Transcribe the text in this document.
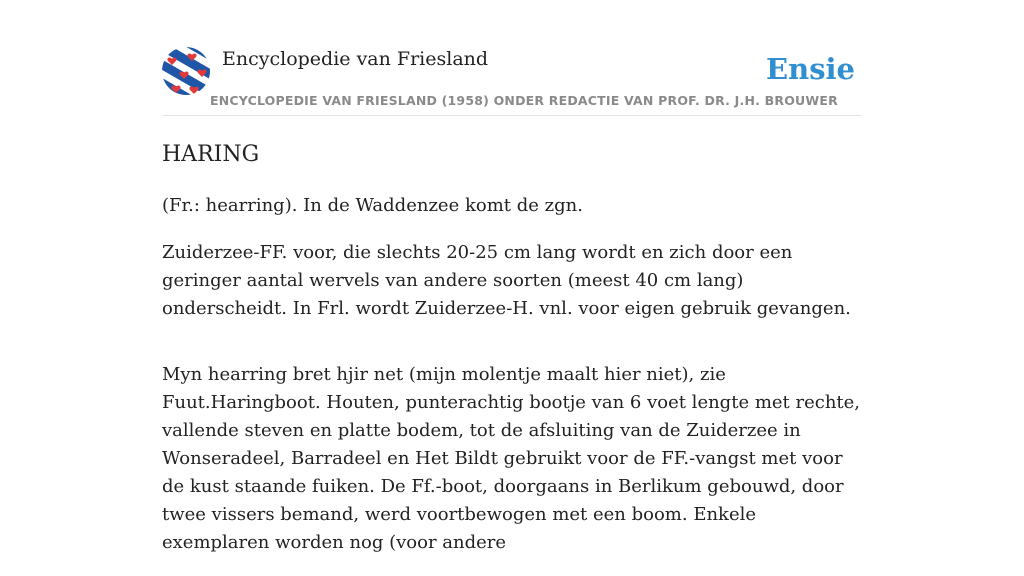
Encyclopedie van Friesland	Ensie
ENCYCLOPEDIE VAN FRIESLAND (1958) ONDER REDACTIE VAN PROF. DR. J.H. BROUWER
HARING

(Fr.: hearring). In de Waddenzee komt de zgn.

Zuiderzee-FF. voor, die slechts 20-25 cm lang wordt en zich door een geringer aantal wervels van andere soorten (meest 40 cm lang) onderscheidt. In Frl. wordt Zuiderzee-H. vnl. voor eigen gebruik gevangen.

Myn hearring bret hjir net (mijn molentje maalt hier niet), zie Fuut.Haringboot. Houten, punterachtig bootje van 6 voet lengte met rechte, vallende steven en platte bodem, tot de afsluiting van de Zuiderzee in Wonseradeel, Barradeel en Het Bildt gebruikt voor de FF.-vangst met voor de kust staande fuiken. De Ff.-boot, doorgaans in Berlikum gebouwd, door twee vissers bemand, werd voortbewogen met een boom. Enkele exemplaren worden nog (voor andere
